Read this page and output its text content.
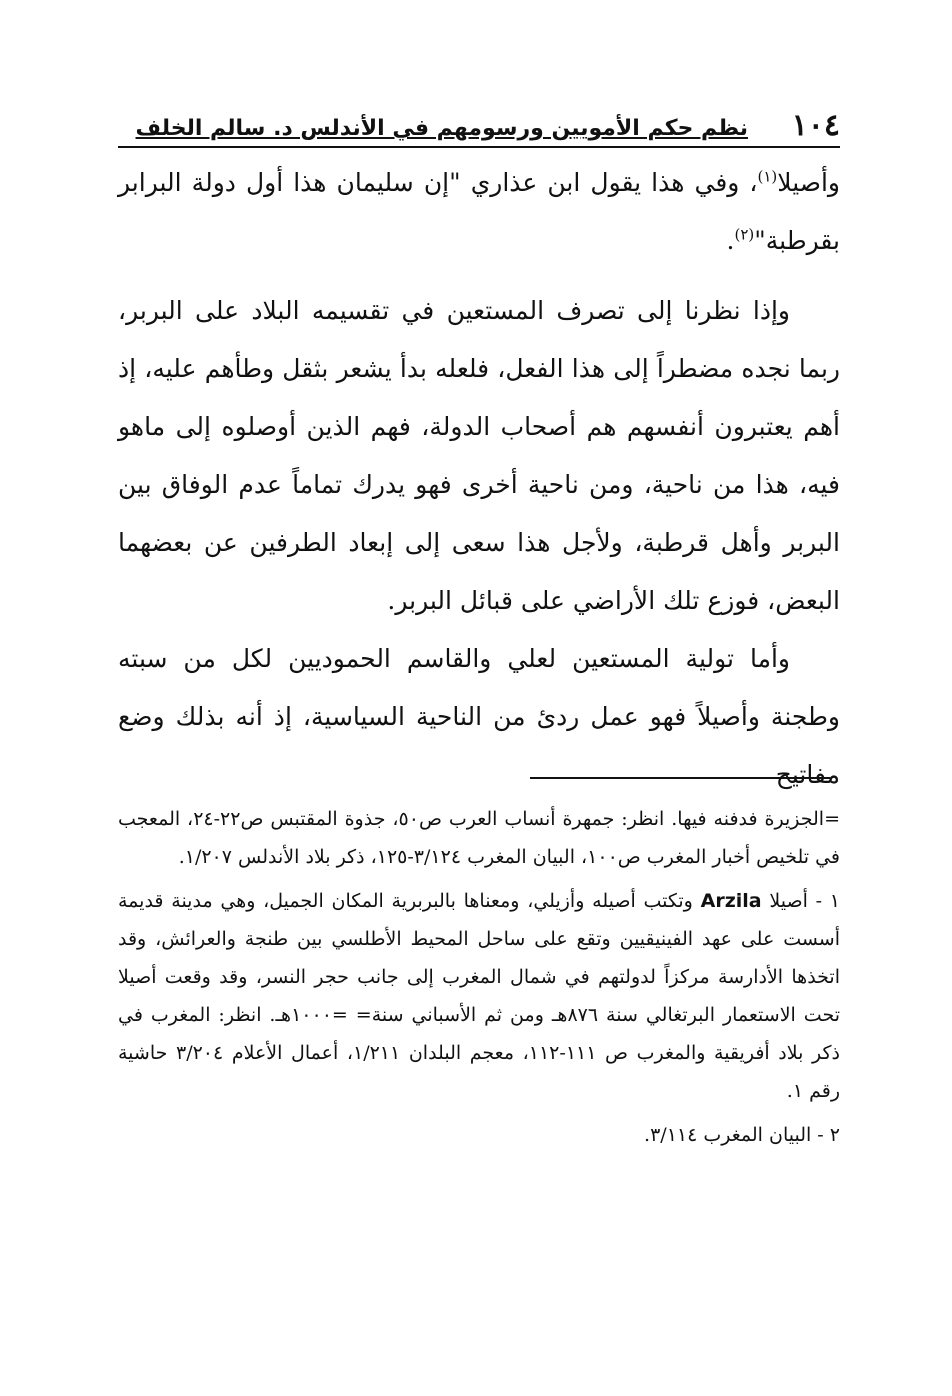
١٠٤
نظم حكم الأمويين ورسومهم في الأندلس د. سالم الخلف

وأصيلا$^{(١)}$، وفي هذا يقول ابن عذاري "إن سليمان هذا أول دولة البرابر بقرطبة"$^{(٢)}$.

وإذا نظرنا إلى تصرف المستعين في تقسيمه البلاد على البربر، ربما نجده مضطراً إلى هذا الفعل، فلعله بدأ يشعر بثقل وطأهم عليه، إذ أهم يعتبرون أنفسهم هم أصحاب الدولة، فهم الذين أوصلوه إلى ماهو فيه، هذا من ناحية، ومن ناحية أخرى فهو يدرك تماماً عدم الوفاق بين البربر وأهل قرطبة، ولأجل هذا سعى إلى إبعاد الطرفين عن بعضهما البعض، فوزع تلك الأراضي على قبائل البربر.

وأما تولية المستعين لعلي والقاسم الحموديين لكل من سبته وطجنة وأصيلاً فهو عمل ردئ من الناحية السياسية، إذ أنه بذلك وضع مفاتيح

=الجزيرة فدفنه فيها. انظر: جمهرة أنساب العرب ص٥٠، جذوة المقتبس ص٢٢-٢٤، المعجب في تلخيص أخبار المغرب ص١٠٠، البيان المغرب ٣/١٢٤-١٢٥، ذكر بلاد الأندلس ١/٢٠٧.

١ - أصيلا Arzila وتكتب أصيله وأزيلي، ومعناها بالبربرية المكان الجميل، وهي مدينة قديمة أسست على عهد الفينيقيين وتقع على ساحل المحيط الأطلسي بين طنجة والعرائش، وقد اتخذها الأدارسة مركزاً لدولتهم في شمال المغرب إلى جانب حجر النسر، وقد وقعت أصيلا تحت الاستعمار البرتغالي سنة ٨٧٦هـ ومن ثم الأسباني سنة= =١٠٠٠هـ. انظر: المغرب في ذكر بلاد أفريقية والمغرب ص ١١١-١١٢، معجم البلدان ١/٢١١، أعمال الأعلام ٣/٢٠٤ حاشية رقم ١.

٢ - البيان المغرب ٣/١١٤.
